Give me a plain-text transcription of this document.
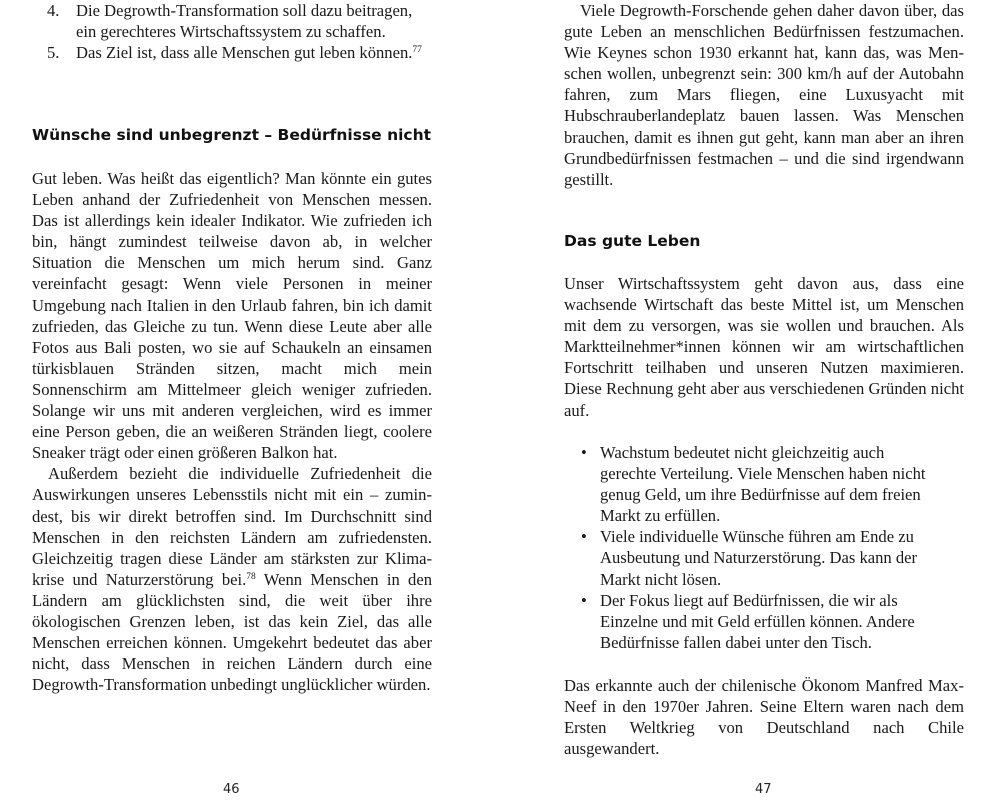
4. Die Degrowth-Transformation soll dazu beitragen, ein gerechteres Wirtschaftssystem zu schaffen.
5. Das Ziel ist, dass alle Menschen gut leben können.$^{77}$
Wünsche sind unbegrenzt – Bedürfnisse nicht

Gut leben. Was heißt das eigentlich? Man könnte ein gutes Leben anhand der Zufriedenheit von Menschen messen. Das ist allerdings kein idealer Indikator. Wie zufrieden ich bin, hängt zumindest teilweise davon ab, in welcher Situation die Menschen um mich herum sind. Ganz vereinfacht gesagt: Wenn viele Personen in meiner Umgebung nach Italien in den Urlaub fahren, bin ich damit zufrieden, das Gleiche zu tun. Wenn diese Leute aber alle Fotos aus Bali posten, wo sie auf Schaukeln an einsamen türkisblauen Stränden sitzen, macht mich mein Sonnenschirm am Mittelmeer gleich weniger zufrieden. Solange wir uns mit anderen vergleichen, wird es immer eine Person geben, die an weißeren Stränden liegt, coolere Sneaker trägt oder einen größeren Balkon hat.

Außerdem bezieht die individuelle Zufriedenheit die Auswirkungen unseres Lebensstils nicht mit ein – zumindest, bis wir direkt betroffen sind. Im Durchschnitt sind Menschen in den reichsten Ländern am zufriedensten. Gleichzeitig tragen diese Länder am stärksten zur Klimakrise und Naturzerstörung bei.$^{78}$ Wenn Menschen in den Ländern am glücklichsten sind, die weit über ihre ökologischen Grenzen leben, ist das kein Ziel, das alle Menschen erreichen können. Umgekehrt bedeutet das aber nicht, dass Menschen in reichen Ländern durch eine Degrowth-Transformation unbedingt unglücklicher würden.

46

Viele Degrowth-Forschende gehen daher davon über, das gute Leben an menschlichen Bedürfnissen festzumachen. Wie Keynes schon 1930 erkannt hat, kann das, was Menschen wollen, unbegrenzt sein: 300 km/h auf der Autobahn fahren, zum Mars fliegen, eine Luxusyacht mit Hubschrauberlandeplatz bauen lassen. Was Menschen brauchen, damit es ihnen gut geht, kann man aber an ihren Grundbedürfnissen festmachen – und die sind irgendwann gestillt.

Das gute Leben

Unser Wirtschaftssystem geht davon aus, dass eine wachsende Wirtschaft das beste Mittel ist, um Menschen mit dem zu versorgen, was sie wollen und brauchen. Als Marktteilnehmer*innen können wir am wirtschaftlichen Fortschritt teilhaben und unseren Nutzen maximieren. Diese Rechnung geht aber aus verschiedenen Gründen nicht auf.

• Wachstum bedeutet nicht gleichzeitig auch gerechte Verteilung. Viele Menschen haben nicht genug Geld, um ihre Bedürfnisse auf dem freien Markt zu erfüllen.
• Viele individuelle Wünsche führen am Ende zu Ausbeutung und Naturzerstörung. Das kann der Markt nicht lösen.
• Der Fokus liegt auf Bedürfnissen, die wir als Einzelne und mit Geld erfüllen können. Andere Bedürfnisse fallen dabei unter den Tisch.

Das erkannte auch der chilenische Ökonom Manfred Max-Neef in den 1970er Jahren. Seine Eltern waren nach dem Ersten Weltkrieg von Deutschland nach Chile ausgewandert.

47
